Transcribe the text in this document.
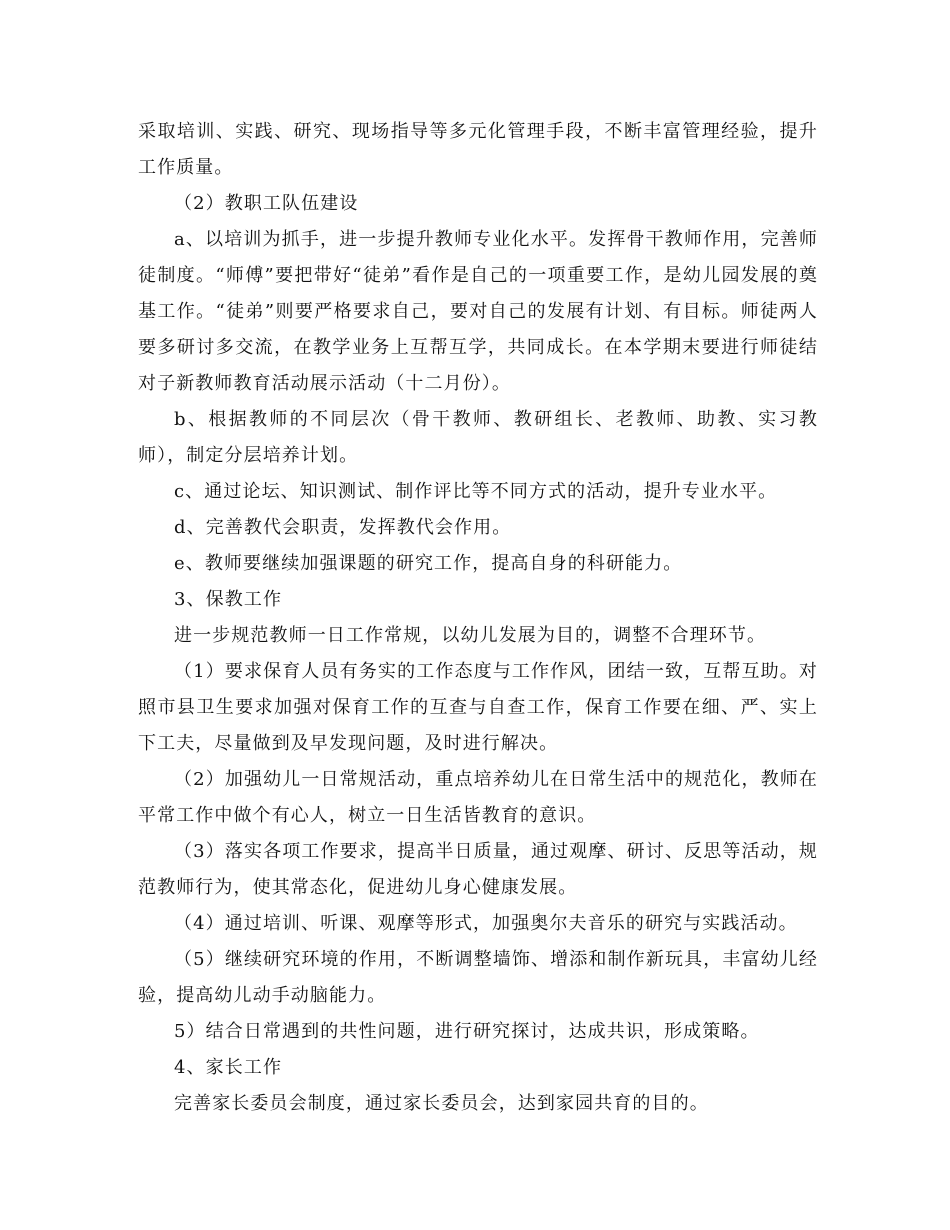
采取培训、实践、研究、现场指导等多元化管理手段，不断丰富管理经验，提升工作质量。

（2）教职工队伍建设

a、以培训为抓手，进一步提升教师专业化水平。发挥骨干教师作用，完善师徒制度。“师傅”要把带好“徒弟”看作是自己的一项重要工作，是幼儿园发展的奠基工作。“徒弟”则要严格要求自己，要对自己的发展有计划、有目标。师徒两人要多研讨多交流，在教学业务上互帮互学，共同成长。在本学期末要进行师徒结对子新教师教育活动展示活动（十二月份）。

b、根据教师的不同层次（骨干教师、教研组长、老教师、助教、实习教师），制定分层培养计划。

c、通过论坛、知识测试、制作评比等不同方式的活动，提升专业水平。

d、完善教代会职责，发挥教代会作用。

e、教师要继续加强课题的研究工作，提高自身的科研能力。

3、保教工作

进一步规范教师一日工作常规，以幼儿发展为目的，调整不合理环节。

（1）要求保育人员有务实的工作态度与工作作风，团结一致，互帮互助。对照市县卫生要求加强对保育工作的互查与自查工作，保育工作要在细、严、实上下工夫，尽量做到及早发现问题，及时进行解决。

（2）加强幼儿一日常规活动，重点培养幼儿在日常生活中的规范化，教师在平常工作中做个有心人，树立一日生活皆教育的意识。

（3）落实各项工作要求，提高半日质量，通过观摩、研讨、反思等活动，规范教师行为，使其常态化，促进幼儿身心健康发展。

（4）通过培训、听课、观摩等形式，加强奥尔夫音乐的研究与实践活动。

（5）继续研究环境的作用，不断调整墙饰、增添和制作新玩具，丰富幼儿经验，提高幼儿动手动脑能力。

5）结合日常遇到的共性问题，进行研究探讨，达成共识，形成策略。

4、家长工作

完善家长委员会制度，通过家长委员会，达到家园共育的目的。
